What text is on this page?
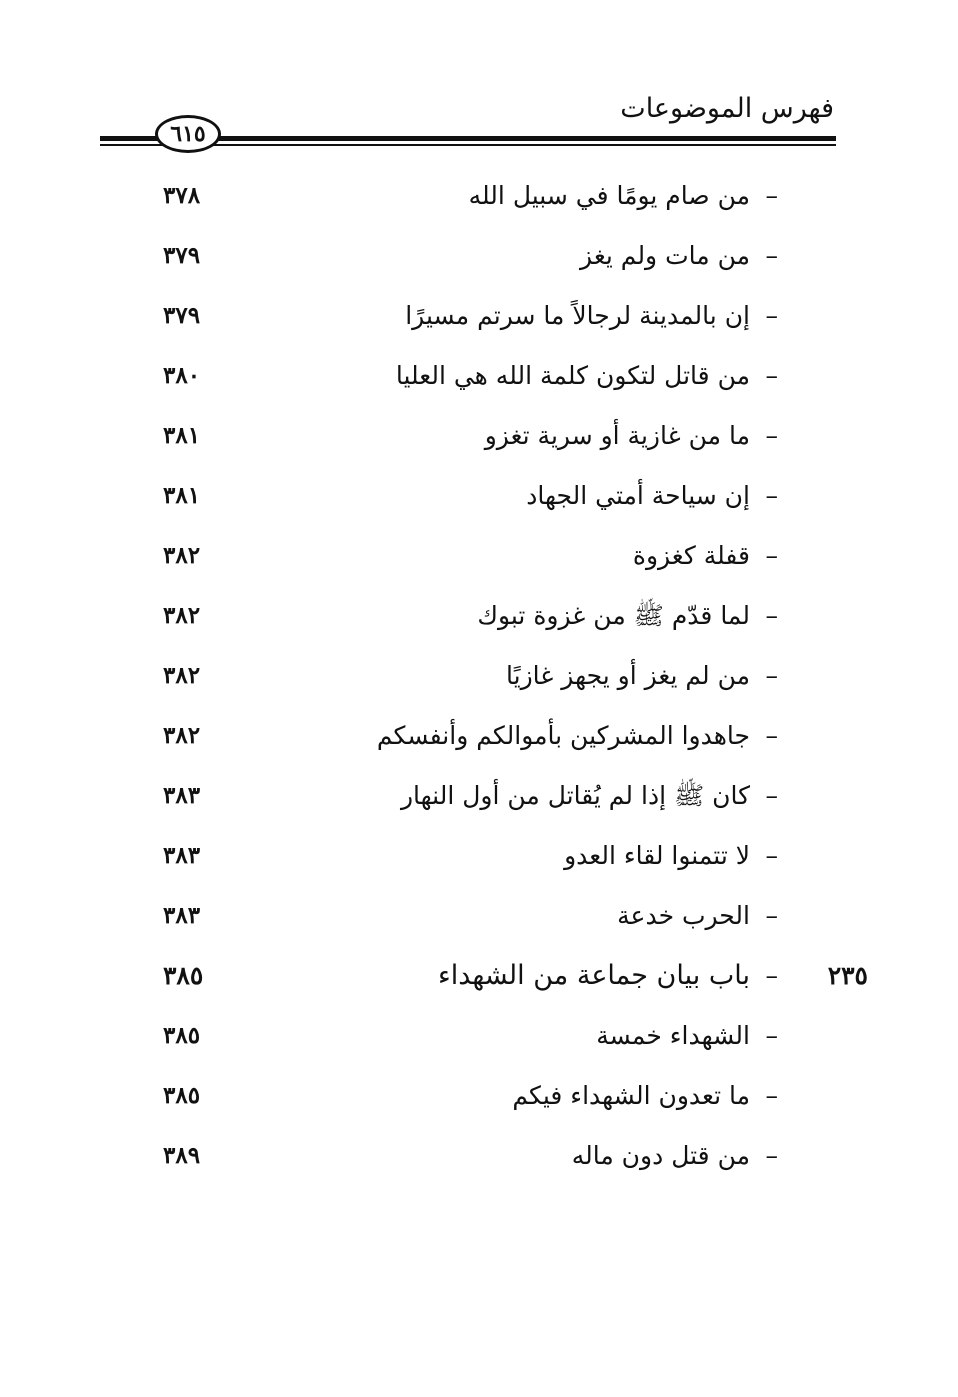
فهرس الموضوعات
٦١٥
–
من صام يومًا في سبيل الله
٣٧٨
–
من مات ولم يغز
٣٧٩
–
إن بالمدينة لرجالاً ما سرتم مسيرًا
٣٧٩
–
من قاتل لتكون كلمة الله هي العليا
٣٨٠
–
ما من غازية أو سرية تغزو
٣٨١
–
إن سياحة أمتي الجهاد
٣٨١
–
قفلة كغزوة
٣٨٢
–
لما قدّم ﷺ من غزوة تبوك
٣٨٢
–
من لم يغز أو يجهز غازيًا
٣٨٢
–
جاهدوا المشركين بأموالكم وأنفسكم
٣٨٢
–
كان ﷺ إذا لم يُقاتل من أول النهار
٣٨٣
–
لا تتمنوا لقاء العدو
٣٨٣
–
الحرب خدعة
٣٨٣
٢٣٥
–
باب بيان جماعة من الشهداء
٣٨٥
–
الشهداء خمسة
٣٨٥
–
ما تعدون الشهداء فيكم
٣٨٥
–
من قتل دون ماله
٣٨٩
